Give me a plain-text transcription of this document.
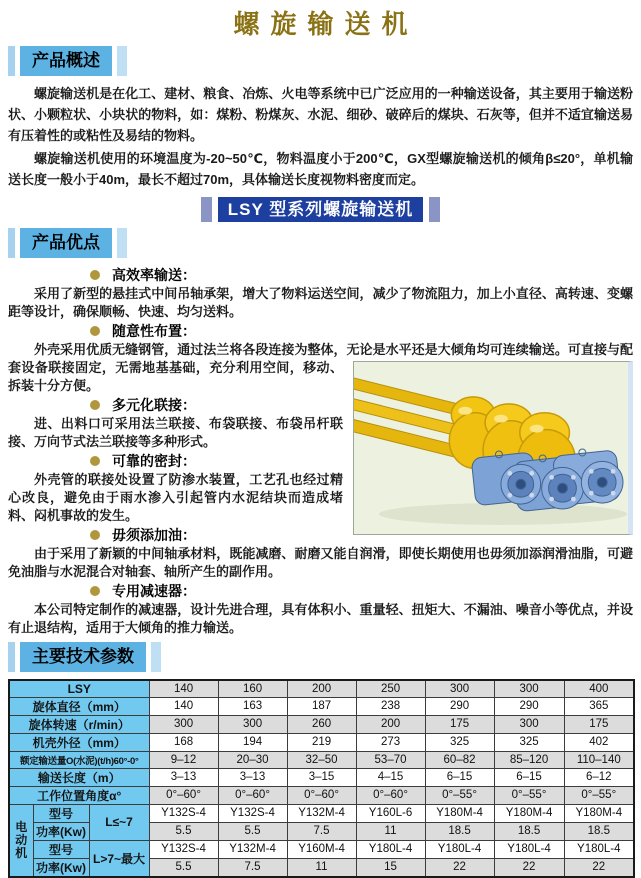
螺旋输送机
产品概述

螺旋输送机是在化工、建材、粮食、冶炼、火电等系统中已广泛应用的一种输送设备，其主要用于输送粉状、小颗粒状、小块状的物料，如：煤粉、粉煤灰、水泥、细砂、破碎后的煤块、石灰等，但并不适宜输送易有压着性的或粘性及易结的物料。

螺旋输送机使用的环境温度为-20~50℃，物料温度小于200℃，GX型螺旋输送机的倾角β≤20°，单机输送长度一般小于40m，最长不超过70m，具体输送长度视物料密度而定。

LSY 型系列螺旋输送机
产品优点
高效率输送：

采用了新型的悬挂式中间吊轴承架，增大了物料运送空间，减少了物流阻力，加上小直径、高转速、变螺距等设计，确保顺畅、快速、均匀送料。

随意性布置：

外壳采用优质无缝钢管，通过法兰将各段连接为整体，无论是水平还是大倾角均可连续输送。可直接与配套设备
联接固定，无需地基基础，充分利用空间，移动、拆装十分方便。

多元化联接：

进、出料口可采用法兰联接、布袋联接、布袋吊杆联接、万向节式法兰联接等多种形式。

可靠的密封：

外壳管的联接处设置了防渗水装置，工艺孔也经过精心改良，避免由于雨水渗入引起管内水泥结块而造成堵料、闷机事故的发生。

毋须添加油：

由于采用了新颖的中间轴承材料，既能减磨、耐磨又能自润滑，即使长期使用也毋须加添润滑油脂，可避免油脂与水泥混合对轴套、轴所产生的副作用。

专用减速器：

本公司特定制作的减速器，设计先进合理，具有体积小、重量轻、扭矩大、不漏油、噪音小等优点，并设有止退结构，适用于大倾角的推力输送。

主要技术参数
LSY			140	160	200	250	300	300	400
旋体直径（mm）			140	163	187	238	290	290	365
旋体转速（r/min）			300	300	260	200	175	300	175
机壳外径（mm）			168	194	219	273	325	325	402
额定输送量O(水泥)(t/h)60°-0°			9–12	20–30	32–50	53–70	60–82	85–120	110–140
输送长度（m）			3–13	3–13	3–15	4–15	6–15	6–15	6–12
工作位置角度α°			0°–60°	0°–60°	0°–60°	0°–60°	0°–55°	0°–55°	0°–55°
电动机	型号	L≤~7	Y132S-4	Y132S-4	Y132M-4	Y160L-6	Y180M-4	Y180M-4	Y180M-4
	功率(Kw)		5.5	5.5	7.5	11	18.5	18.5	18.5
	型号	L>7~最大	Y132S-4	Y132M-4	Y160M-4	Y180L-4	Y180L-4	Y180L-4	Y180L-4
	功率(Kw)		5.5	7.5	11	15	22	22	22
